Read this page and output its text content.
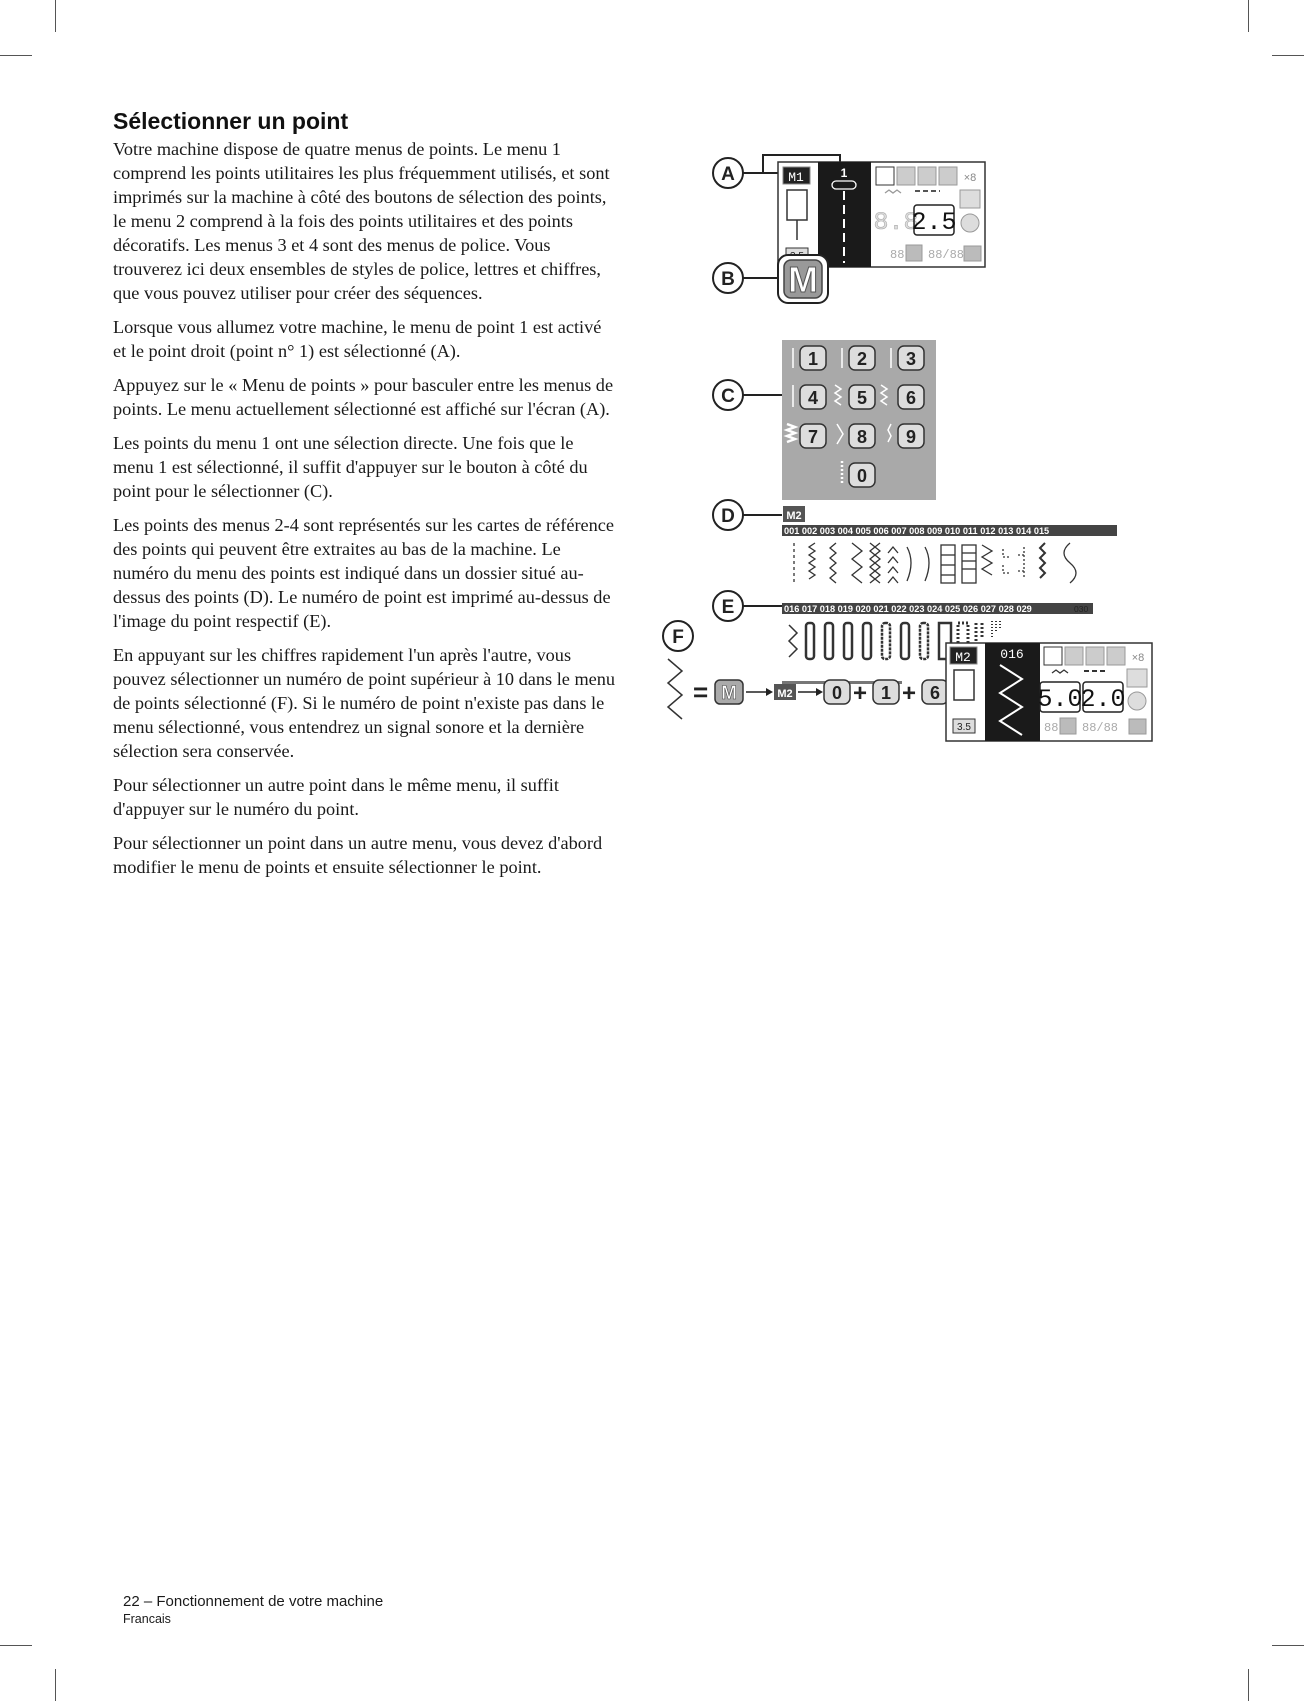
Sélectionner un point

Votre machine dispose de quatre menus de points. Le menu 1 comprend les points utilitaires les plus fréquemment utilisés, et sont imprimés sur la machine à côté des boutons de sélection des points, le menu 2 comprend à la fois des points utilitaires et des points décoratifs. Les menus 3 et 4 sont des menus de police. Vous trouverez ici deux ensembles de styles de police, lettres et chiffres, que vous pouvez utiliser pour créer des séquences.

Lorsque vous allumez votre machine, le menu de point 1 est activé et le point droit (point n° 1) est sélectionné (A).

Appuyez sur le « Menu de points » pour basculer entre les menus de points. Le menu actuellement sélectionné est affiché sur l'écran (A).

Les points du menu 1 ont une sélection directe. Une fois que le menu 1 est sélectionné, il suffit d'appuyer sur le bouton à côté du point pour le sélectionner (C).

Les points des menus 2-4 sont représentés sur les cartes de référence des points qui peuvent être extraites au bas de la machine. Le numéro du menu des points est indiqué dans un dossier situé au-dessus des points (D). Le numéro de point est imprimé au-dessus de l'image du point respectif (E).

En appuyant sur les chiffres rapidement l'un après l'autre, vous pouvez sélectionner un numéro de point supérieur à 10 dans le menu de points sélectionné (F). Si le numéro de point n'existe pas dans le menu sélectionné, vous entendrez un signal sonore et la dernière sélection sera conservée.

Pour sélectionner un autre point dans le même menu, il suffit d'appuyer sur le numéro du point.

Pour sélectionner un point dans un autre menu, vous devez d'abord modifier le menu de points et ensuite sélectionner le point.

A	M1	1	×8
8.8
2.5
88 88/88
B M
C
1 2 3
4 5 6
7 8 9
0
D
E
M2
001 002 003 004 005 006 007 008 009 010 011 012 013 014 015
016 017 018 019 020 021 022 023 024 025 026 027 028 029	030
F
= M	M2 0 + 1 + 6
M2 016
3.5
×8
5.0
2.0
88 88/88
22 – Fonctionnement de votre machine
Francais
